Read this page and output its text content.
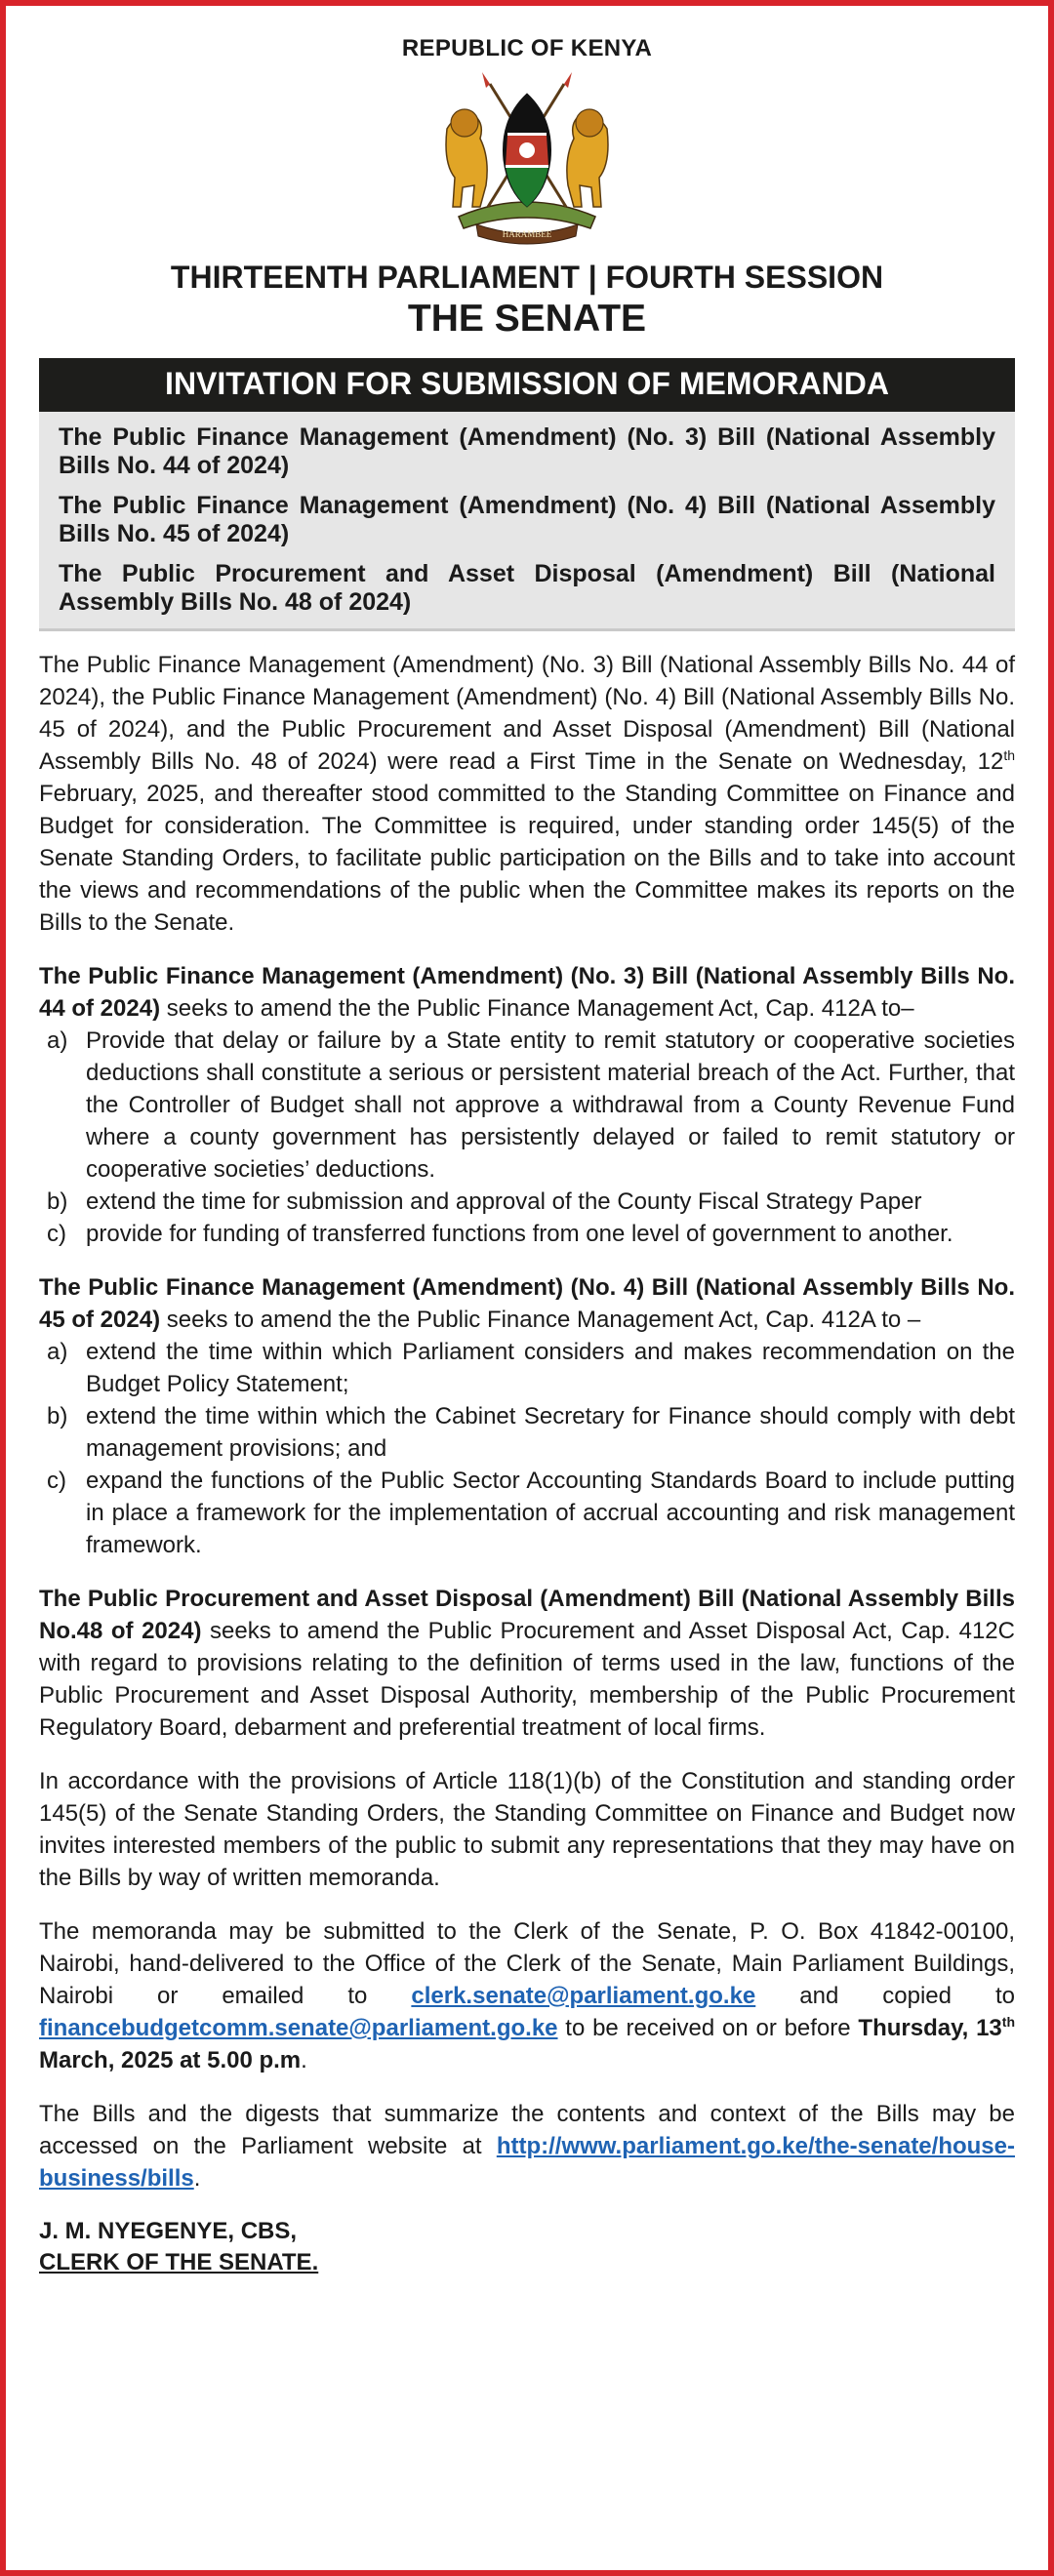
REPUBLIC OF KENYA
HARAMBEE
THIRTEENTH PARLIAMENT | FOURTH SESSION
THE SENATE
INVITATION FOR SUBMISSION OF MEMORANDA
The Public Finance Management (Amendment) (No. 3) Bill (National Assembly Bills No. 44 of 2024)
The Public Finance Management (Amendment) (No. 4) Bill (National Assembly Bills No. 45 of 2024)
The Public Procurement and Asset Disposal (Amendment) Bill (National Assembly Bills No. 48 of 2024)

The Public Finance Management (Amendment) (No. 3) Bill (National Assembly Bills No. 44 of 2024), the Public Finance Management (Amendment) (No. 4) Bill (National Assembly Bills No. 45 of 2024), and the Public Procurement and Asset Disposal (Amendment) Bill (National Assembly Bills No. 48 of 2024) were read a First Time in the Senate on Wednesday, 12th February, 2025, and thereafter stood committed to the Standing Committee on Finance and Budget for consideration. The Committee is required, under standing order 145(5) of the Senate Standing Orders, to facilitate public participation on the Bills and to take into account the views and recommendations of the public when the Committee makes its reports on the Bills to the Senate.

The Public Finance Management (Amendment) (No. 3) Bill (National Assembly Bills No. 44 of 2024) seeks to amend the the Public Finance Management Act, Cap. 412A to–

a) Provide that delay or failure by a State entity to remit statutory or cooperative societies deductions shall constitute a serious or persistent material breach of the Act. Further, that the Controller of Budget shall not approve a withdrawal from a County Revenue Fund where a county government has persistently delayed or failed to remit statutory or cooperative societies’ deductions.
b) extend the time for submission and approval of the County Fiscal Strategy Paper
c) provide for funding of transferred functions from one level of government to another.

The Public Finance Management (Amendment) (No. 4) Bill (National Assembly Bills No. 45 of 2024) seeks to amend the the Public Finance Management Act, Cap. 412A to –

a) extend the time within which Parliament considers and makes recommendation on the Budget Policy Statement;
b) extend the time within which the Cabinet Secretary for Finance should comply with debt management provisions; and
c) expand the functions of the Public Sector Accounting Standards Board to include putting in place a framework for the implementation of accrual accounting and risk management framework.

The Public Procurement and Asset Disposal (Amendment) Bill (National Assembly Bills No.48 of 2024) seeks to amend the Public Procurement and Asset Disposal Act, Cap. 412C with regard to provisions relating to the definition of terms used in the law, functions of the Public Procurement and Asset Disposal Authority, membership of the Public Procurement Regulatory Board, debarment and preferential treatment of local firms.

In accordance with the provisions of Article 118(1)(b) of the Constitution and standing order 145(5) of the Senate Standing Orders, the Standing Committee on Finance and Budget now invites interested members of the public to submit any representations that they may have on the Bills by way of written memoranda.

The memoranda may be submitted to the Clerk of the Senate, P. O. Box 41842-00100, Nairobi, hand-delivered to the Office of the Clerk of the Senate, Main Parliament Buildings, Nairobi or emailed to clerk.senate@parliament.go.ke and copied to financebudgetcomm.senate@parliament.go.ke to be received on or before Thursday, 13th March, 2025 at 5.00 p.m.

The Bills and the digests that summarize the contents and context of the Bills may be accessed on the Parliament website at http://www.parliament.go.ke/the-senate/house-business/bills.

J. M. NYEGENYE, CBS,
CLERK OF THE SENATE.
